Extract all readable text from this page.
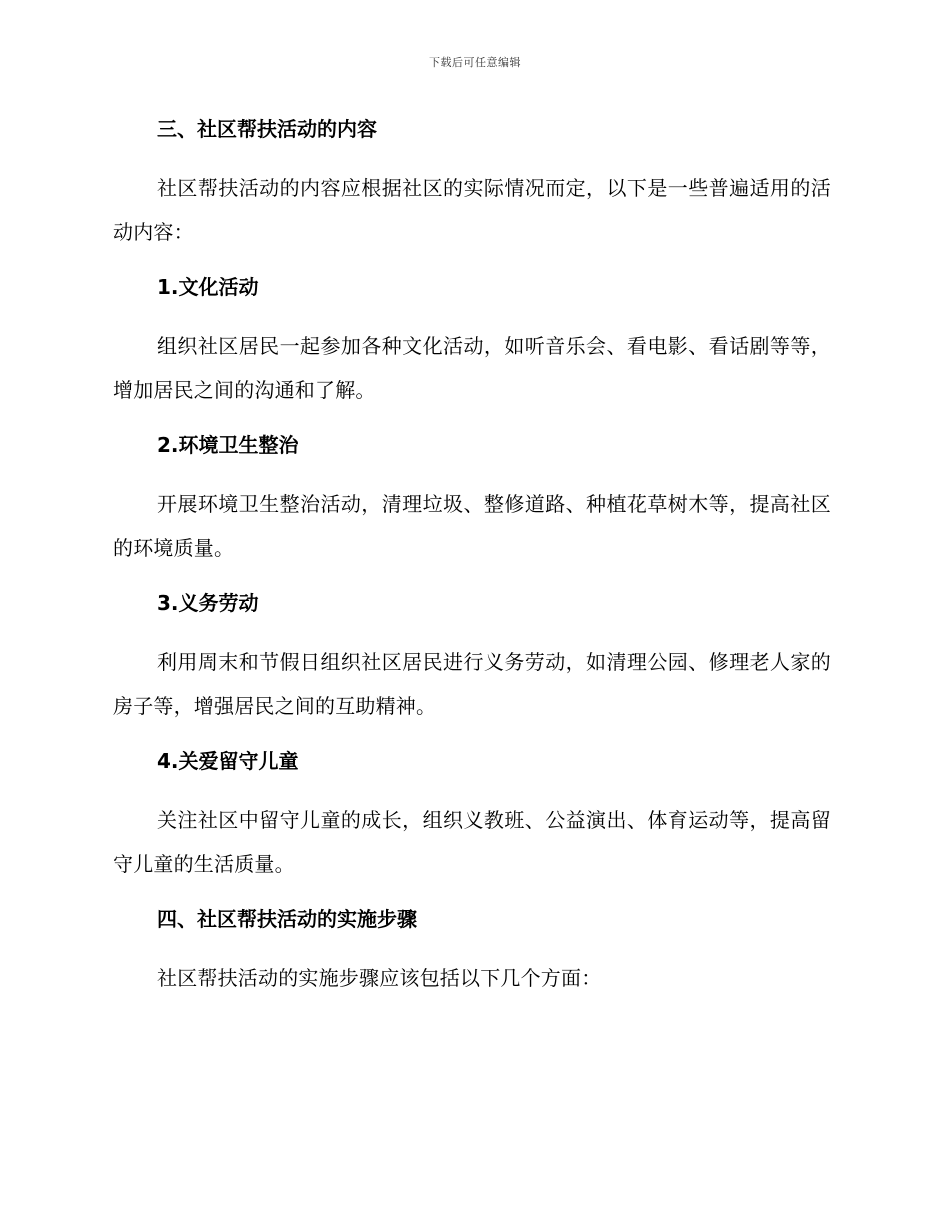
下载后可任意编辑

三、社区帮扶活动的内容

社区帮扶活动的内容应根据社区的实际情况而定，以下是一些普遍适用的活动内容：

1.文化活动

组织社区居民一起参加各种文化活动，如听音乐会、看电影、看话剧等等，增加居民之间的沟通和了解。

2.环境卫生整治

开展环境卫生整治活动，清理垃圾、整修道路、种植花草树木等，提高社区的环境质量。

3.义务劳动

利用周末和节假日组织社区居民进行义务劳动，如清理公园、修理老人家的房子等，增强居民之间的互助精神。

4.关爱留守儿童

关注社区中留守儿童的成长，组织义教班、公益演出、体育运动等，提高留守儿童的生活质量。

四、社区帮扶活动的实施步骤

社区帮扶活动的实施步骤应该包括以下几个方面：
